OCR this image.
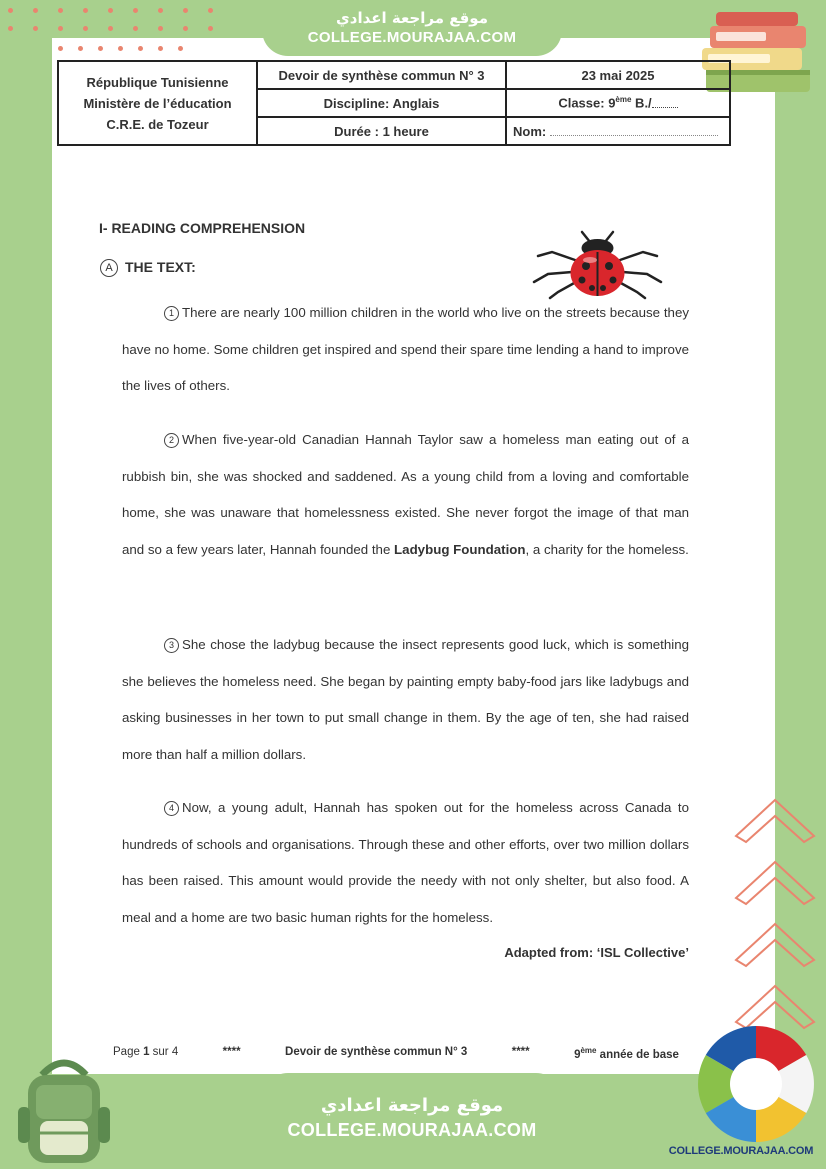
موقع مراجعة اعدادي
COLLEGE.MOURAJAA.COM
République Tunisienne
Ministère de l’éducation
C.R.E. de Tozeur	Devoir de synthèse commun N° 3	23 mai 2025
	Discipline: Anglais	Classe: 9ème B./
	Durée : 1 heure	Nom:
I- READING COMPREHENSION
A THE TEXT:

1 There are nearly 100 million children in the world who live on the streets because they have no home. Some children get inspired and spend their spare time lending a hand to improve the lives of others.

2 When five-year-old Canadian Hannah Taylor saw a homeless man eating out of a rubbish bin, she was shocked and saddened. As a young child from a loving and comfortable home, she was unaware that homelessness existed. She never forgot the image of that man and so a few years later, Hannah founded the Ladybug Foundation, a charity for the homeless.

3 She chose the ladybug because the insect represents good luck, which is something she believes the homeless need. She began by painting empty baby-food jars like ladybugs and asking businesses in her town to put small change in them. By the age of ten, she had raised more than half a million dollars.

4 Now, a young adult, Hannah has spoken out for the homeless across Canada to hundreds of schools and organisations. Through these and other efforts, over two million dollars has been raised. This amount would provide the needy with not only shelter, but also food. A meal and a home are two basic human rights for the homeless.

Adapted from: ‘ISL Collective’
Page 1 sur 4	****	Devoir de synthèse commun N° 3	****	9ème année de base
موقع مراجعة اعدادي
COLLEGE.MOURAJAA.COM
COLLEGE.MOURAJAA.COM
